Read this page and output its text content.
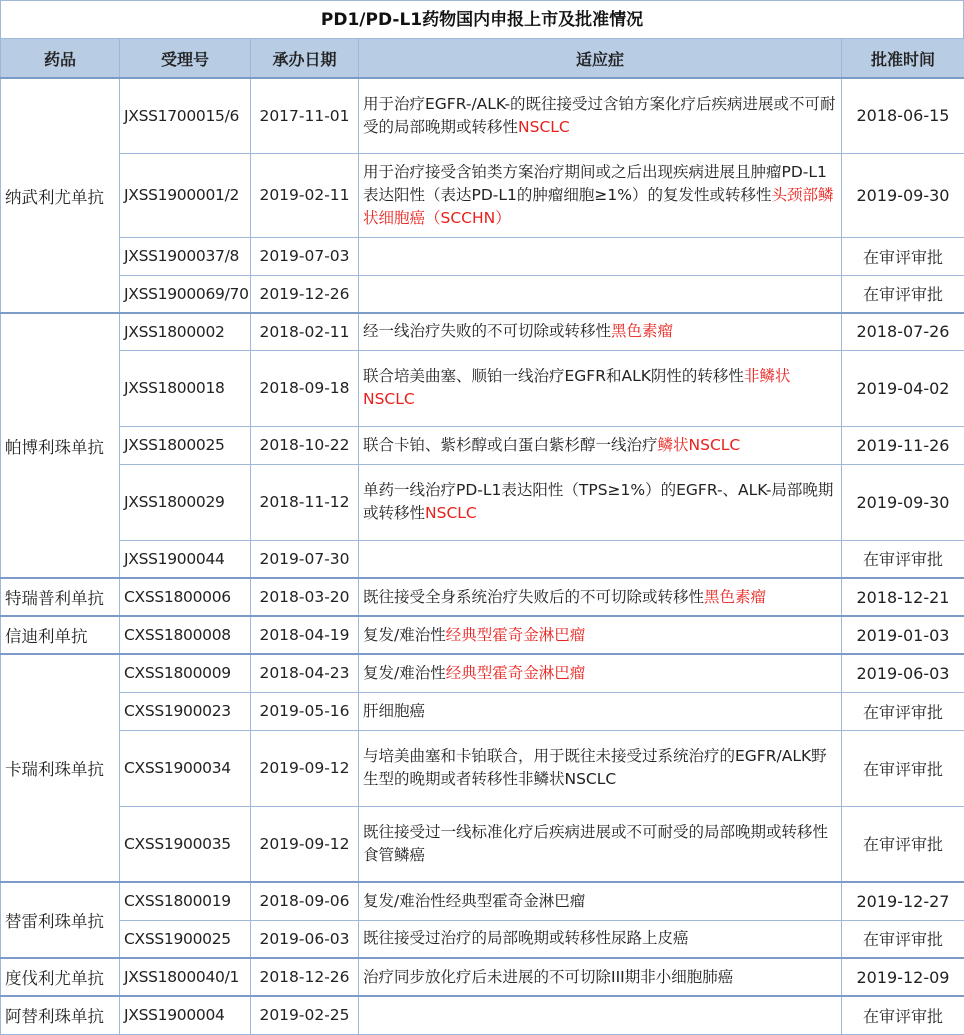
PD1/PD-L1药物国内申报上市及批准情况
药品	受理号	承办日期	适应症	批准时间
纳武利尤单抗	JXSS1700015/6	2017-11-01	用于治疗EGFR-/ALK-的既往接受过含铂方案化疗后疾病进展或不可耐受的局部晚期或转移性NSCLC	2018-06-15
	JXSS1900001/2	2019-02-11	用于治疗接受含铂类方案治疗期间或之后出现疾病进展且肿瘤PD-L1表达阳性（表达PD-L1的肿瘤细胞≥1%）的复发性或转移性头颈部鳞状细胞癌（SCCHN）	2019-09-30
	JXSS1900037/8	2019-07-03		在审评审批
	JXSS1900069/70	2019-12-26		在审评审批
帕博利珠单抗	JXSS1800002	2018-02-11	经一线治疗失败的不可切除或转移性黑色素瘤	2018-07-26
	JXSS1800018	2018-09-18	联合培美曲塞、顺铂一线治疗EGFR和ALK阴性的转移性非鳞状NSCLC	2019-04-02
	JXSS1800025	2018-10-22	联合卡铂、紫杉醇或白蛋白紫杉醇一线治疗鳞状NSCLC	2019-11-26
	JXSS1800029	2018-11-12	单药一线治疗PD-L1表达阳性（TPS≥1%）的EGFR-、ALK-局部晚期或转移性NSCLC	2019-09-30
	JXSS1900044	2019-07-30		在审评审批
特瑞普利单抗	CXSS1800006	2018-03-20	既往接受全身系统治疗失败后的不可切除或转移性黑色素瘤	2018-12-21
信迪利单抗	CXSS1800008	2018-04-19	复发/难治性经典型霍奇金淋巴瘤	2019-01-03
卡瑞利珠单抗	CXSS1800009	2018-04-23	复发/难治性经典型霍奇金淋巴瘤	2019-06-03
	CXSS1900023	2019-05-16	肝细胞癌	在审评审批
	CXSS1900034	2019-09-12	与培美曲塞和卡铂联合，用于既往未接受过系统治疗的EGFR/ALK野生型的晚期或者转移性非鳞状NSCLC	在审评审批
	CXSS1900035	2019-09-12	既往接受过一线标准化疗后疾病进展或不可耐受的局部晚期或转移性食管鳞癌	在审评审批
替雷利珠单抗	CXSS1800019	2018-09-06	复发/难治性经典型霍奇金淋巴瘤	2019-12-27
	CXSS1900025	2019-06-03	既往接受过治疗的局部晚期或转移性尿路上皮癌	在审评审批
度伐利尤单抗	JXSS1800040/1	2018-12-26	治疗同步放化疗后未进展的不可切除III期非小细胞肺癌	2019-12-09
阿替利珠单抗	JXSS1900004	2019-02-25		在审评审批
